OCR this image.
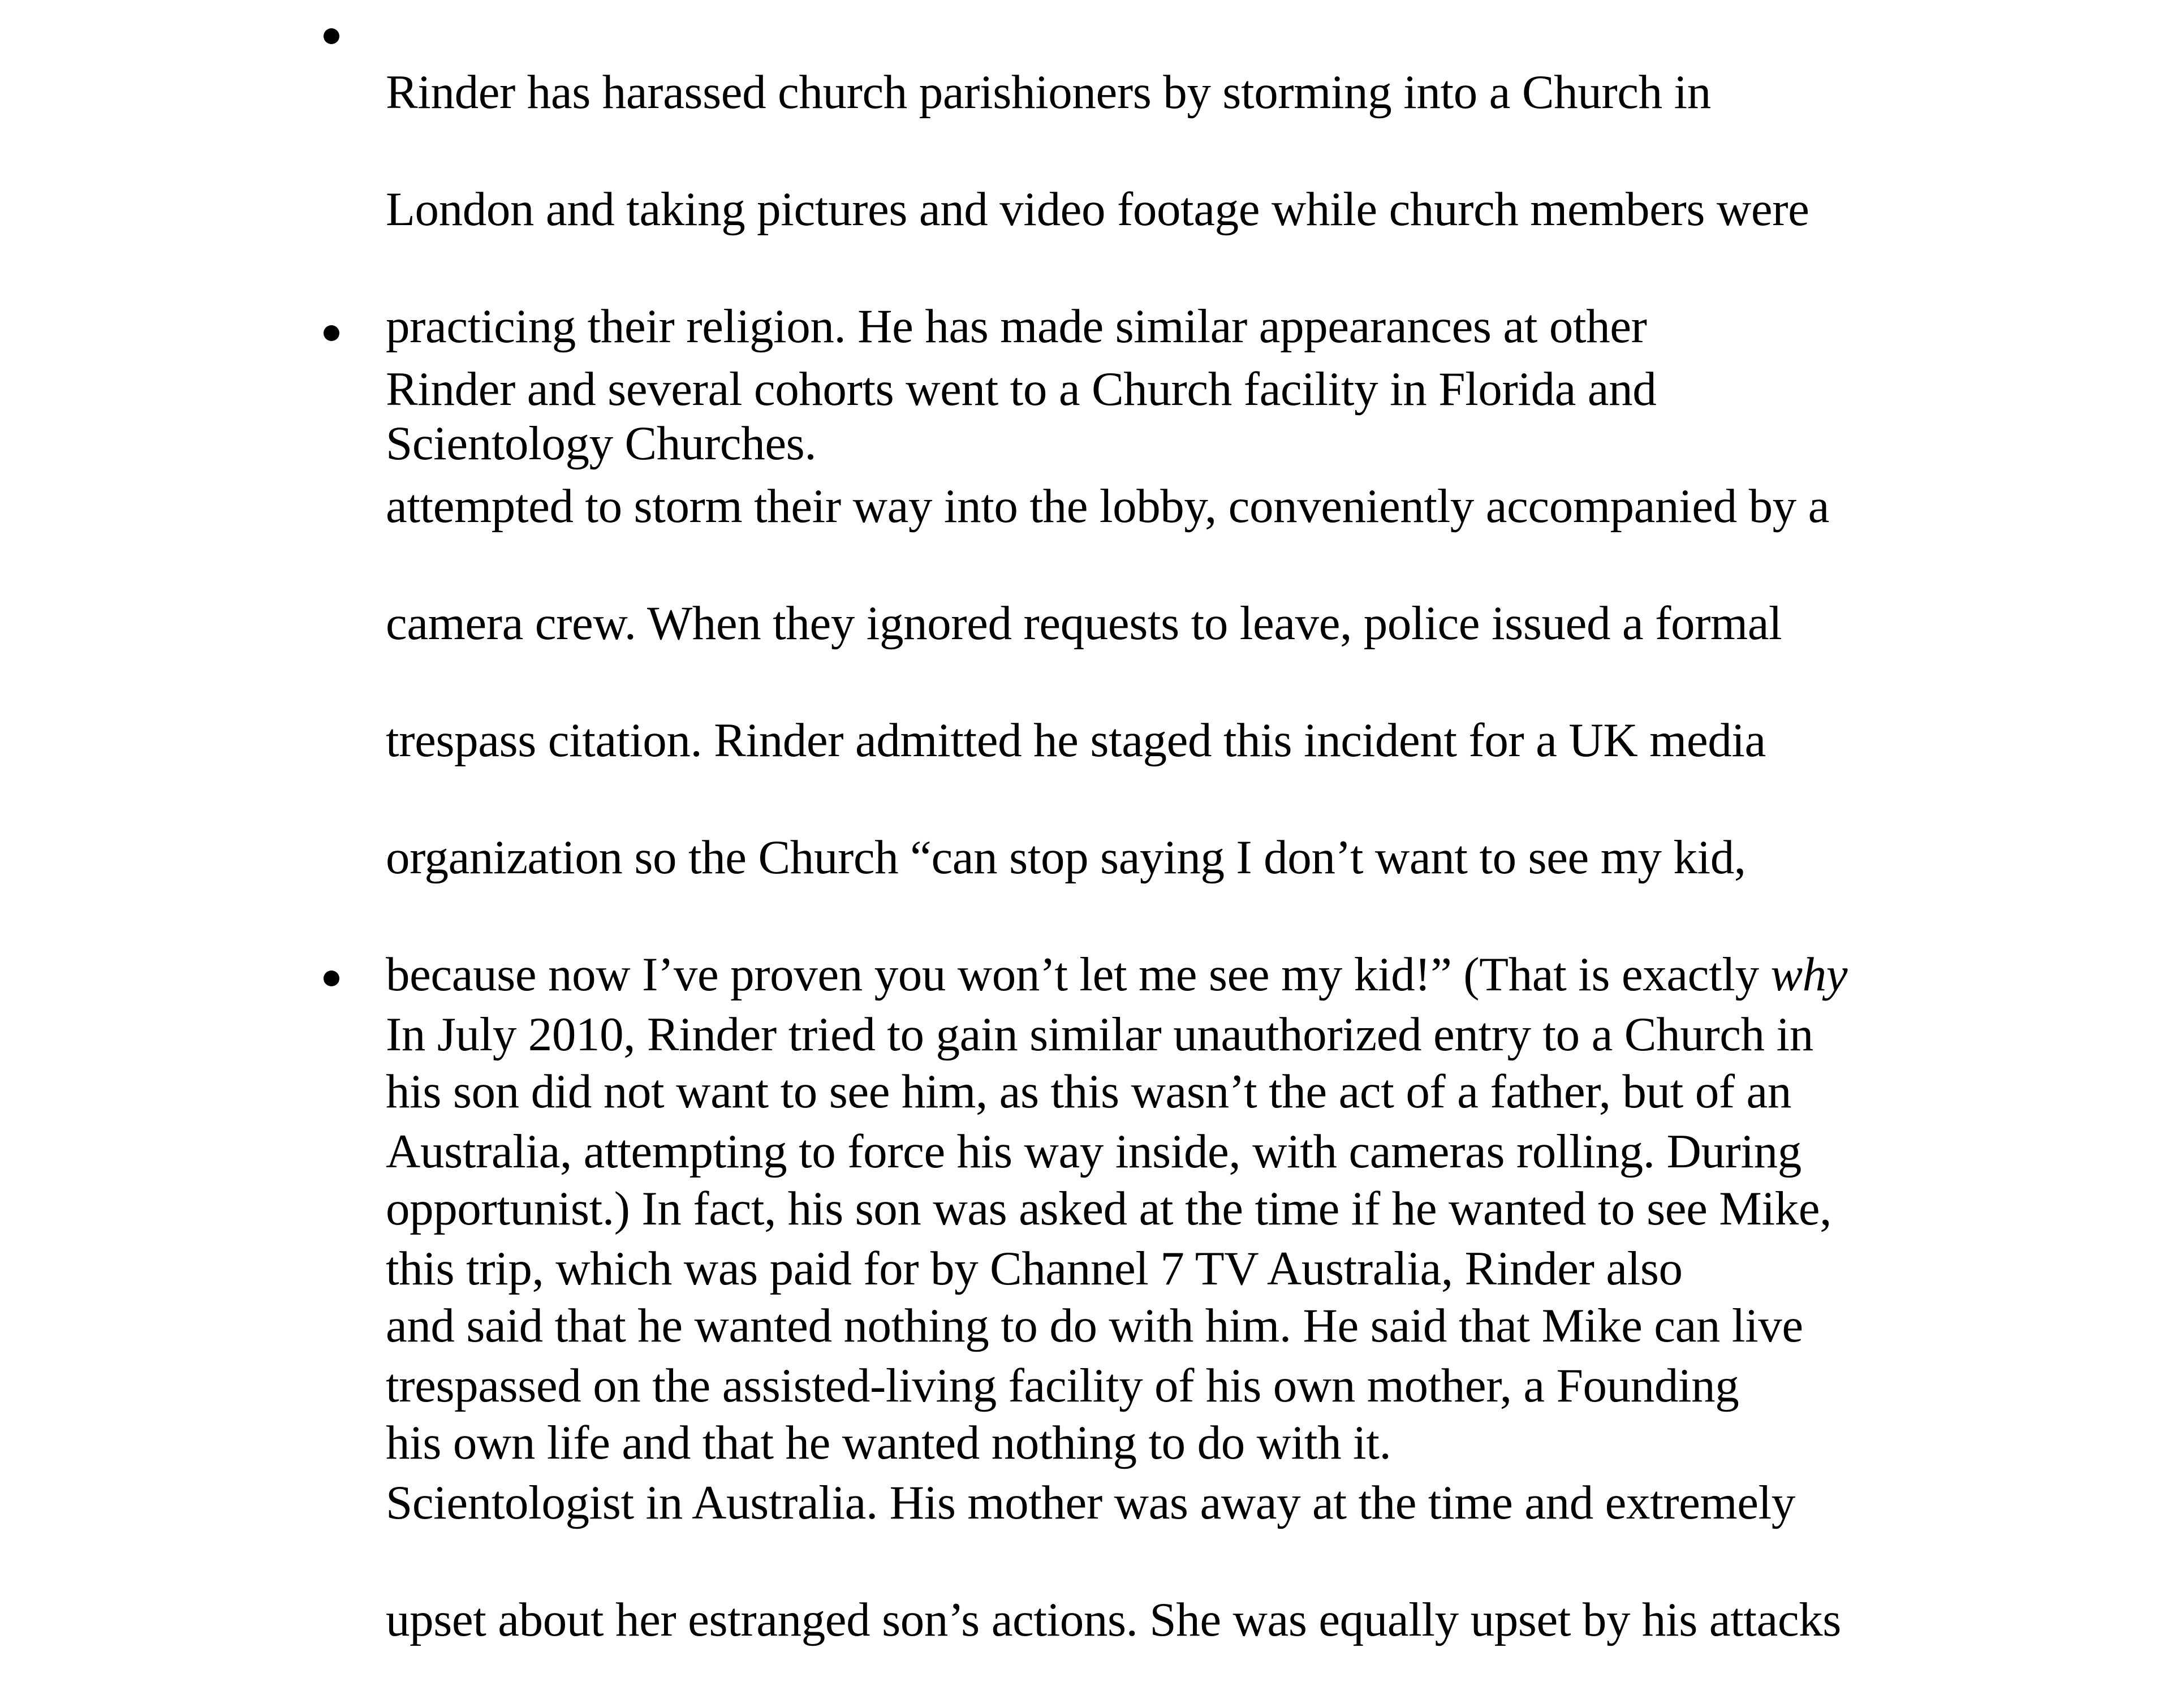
Rinder has harassed church parishioners by storming into a Church in

London and taking pictures and video footage while church members were

practicing their religion. He has made similar appearances at other

Scientology Churches.

Rinder and several cohorts went to a Church facility in Florida and

attempted to storm their way into the lobby, conveniently accompanied by a

camera crew. When they ignored requests to leave, police issued a formal

trespass citation. Rinder admitted he staged this incident for a UK media

organization so the Church “can stop saying I don’t want to see my kid,

because now I’ve proven you won’t let me see my kid!” (That is exactly why

his son did not want to see him, as this wasn’t the act of a father, but of an

opportunist.) In fact, his son was asked at the time if he wanted to see Mike,

and said that he wanted nothing to do with him. He said that Mike can live

his own life and that he wanted nothing to do with it.

In July 2010, Rinder tried to gain similar unauthorized entry to a Church in

Australia, attempting to force his way inside, with cameras rolling. During

this trip, which was paid for by Channel 7 TV Australia, Rinder also

trespassed on the assisted-living facility of his own mother, a Founding

Scientologist in Australia. His mother was away at the time and extremely

upset about her estranged son’s actions. She was equally upset by his attacks
